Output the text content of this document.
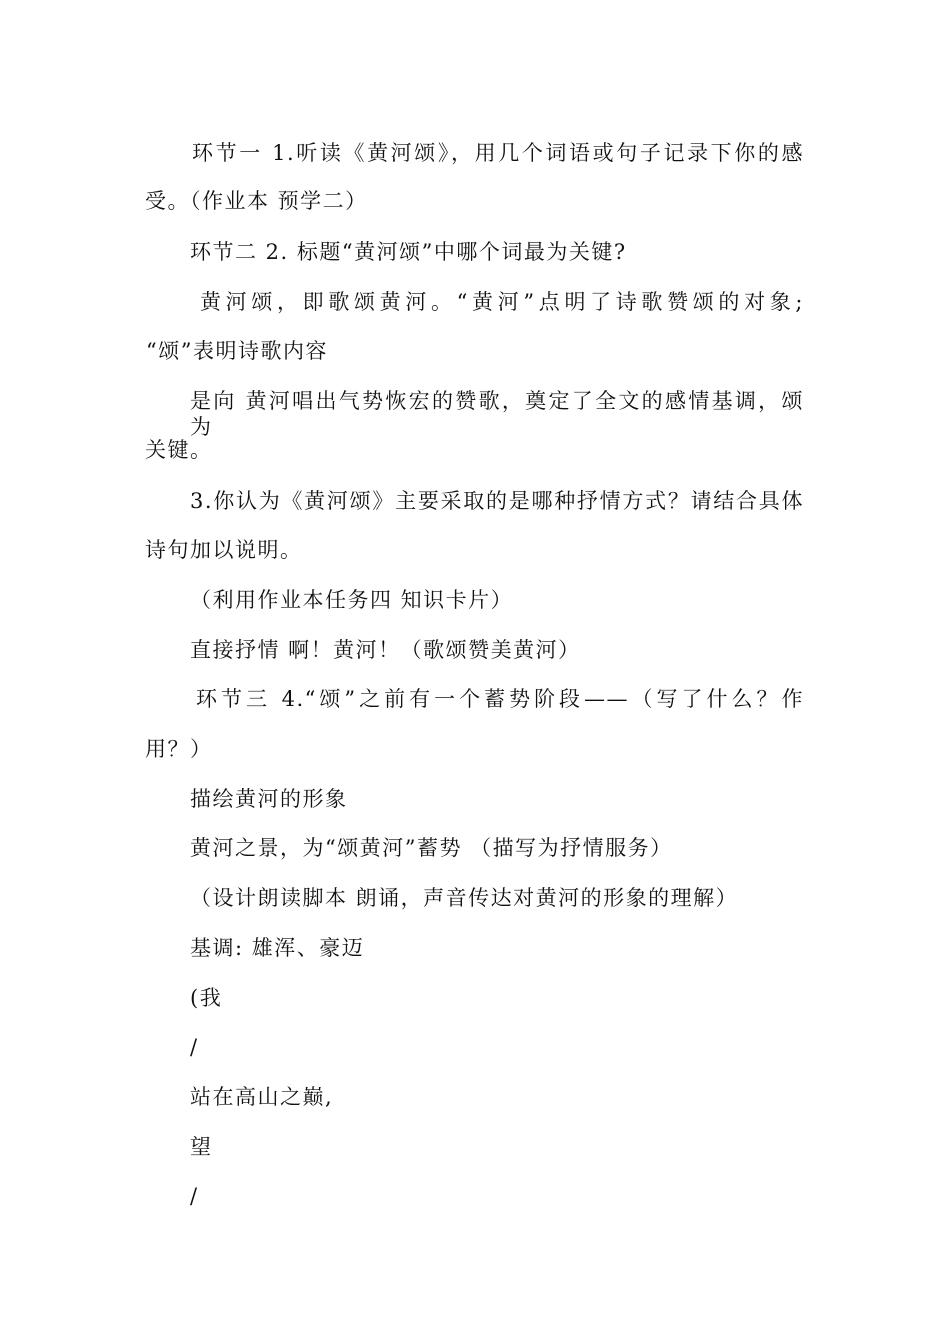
环节一 1.听读《黄河颂》，用几个词语或句子记录下你的感
受。（作业本 预学二）
环节二 2. 标题“黄河颂”中哪个词最为关键?
黄河颂，即歌颂黄河。“黄河”点明了诗歌赞颂的对象;
“颂”表明诗歌内容
是向 黄河唱出气势恢宏的赞歌，奠定了全文的感情基调，颂为
关键。
3.你认为《黄河颂》主要采取的是哪种抒情方式？请结合具体
诗句加以说明。
（利用作业本任务四 知识卡片）
直接抒情 啊！黄河！（歌颂赞美黄河）
环节三 4.“颂”之前有一个蓄势阶段——（写了什么？作
用？）
描绘黄河的形象
黄河之景，为“颂黄河”蓄势 （描写为抒情服务）
（设计朗读脚本 朗诵，声音传达对黄河的形象的理解）
基调: 雄浑、豪迈
(我
/
站在高山之巅,
望
/
